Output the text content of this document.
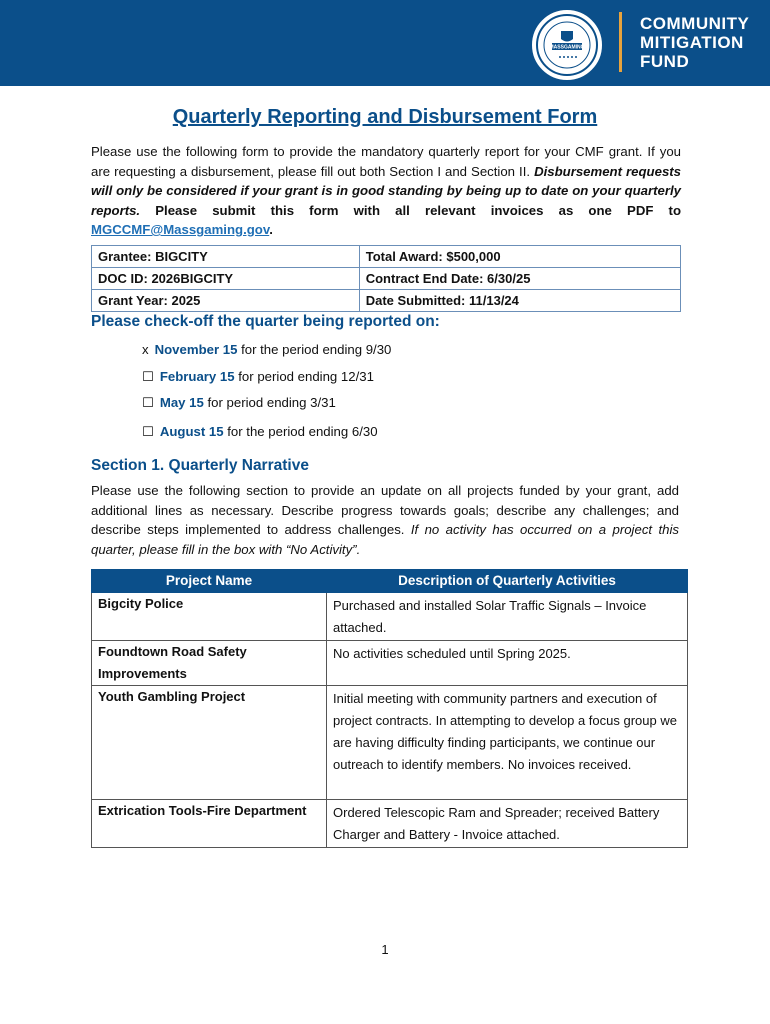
MASSGAMING
COMMUNITY
MITIGATION
FUND
Quarterly Reporting and Disbursement Form
Please use the following form to provide the mandatory quarterly report for your CMF grant. If you are requesting a disbursement, please fill out both Section I and Section II. Disbursement requests will only be considered if your grant is in good standing by being up to date on your quarterly reports. Please submit this form with all relevant invoices as one PDF to MGCCMF@Massgaming.gov.
Grantee: BIGCITY	Total Award: $500,000
DOC ID: 2026BIGCITY	Contract End Date: 6/30/25
Grant Year: 2025	Date Submitted: 11/13/24
Please check-off the quarter being reported on:
x November 15 for the period ending 9/30
☐ February 15 for period ending 12/31
☐ May 15 for period ending 3/31
☐ August 15 for the period ending 6/30
Section 1. Quarterly Narrative
Please use the following section to provide an update on all projects funded by your grant, add additional lines as necessary. Describe progress towards goals; describe any challenges; and describe steps implemented to address challenges. If no activity has occurred on a project this quarter, please fill in the box with “No Activity”.
Project Name	Description of Quarterly Activities
Bigcity Police	Purchased and installed Solar Traffic Signals – Invoice attached.
Foundtown Road Safety Improvements	No activities scheduled until Spring 2025.
Youth Gambling Project	Initial meeting with community partners and execution of project contracts. In attempting to develop a focus group we are having difficulty finding participants, we continue our outreach to identify members. No invoices received.
Extrication Tools-Fire Department	Ordered Telescopic Ram and Spreader; received Battery Charger and Battery - Invoice attached.
1
